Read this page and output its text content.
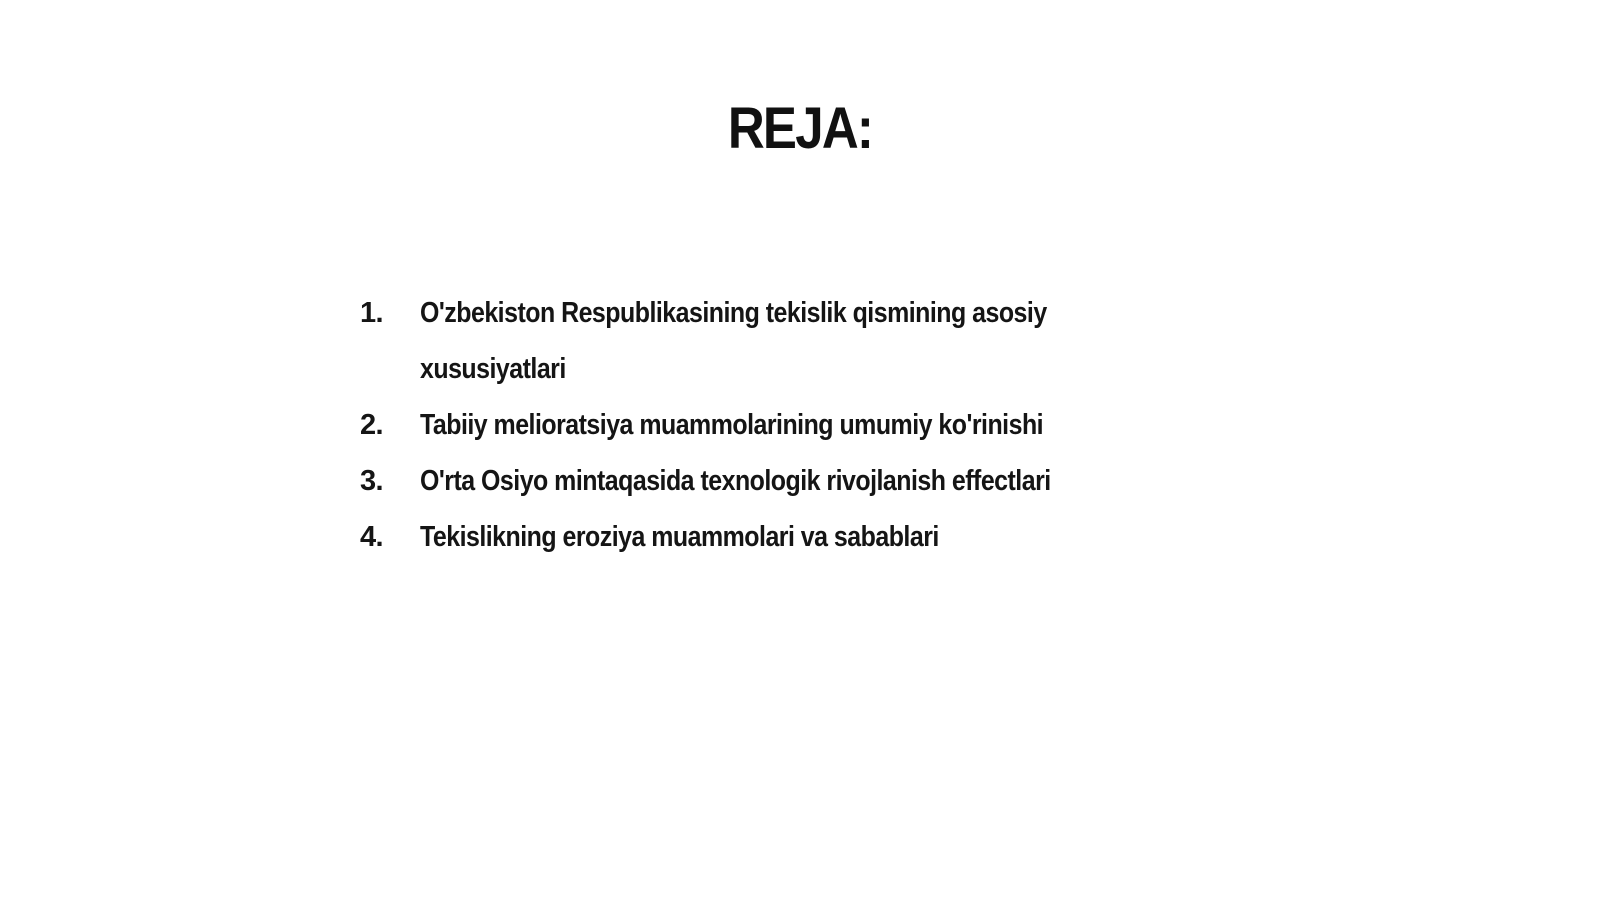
REJA:
1.	O'zbekiston Respublikasining tekislik qismining asosiy xususiyatlari
2.	Tabiiy melioratsiya muammolarining umumiy ko'rinishi
3.	O'rta Osiyo mintaqasida texnologik rivojlanish effectlari
4.	Tekislikning eroziya muammolari va sabablari
